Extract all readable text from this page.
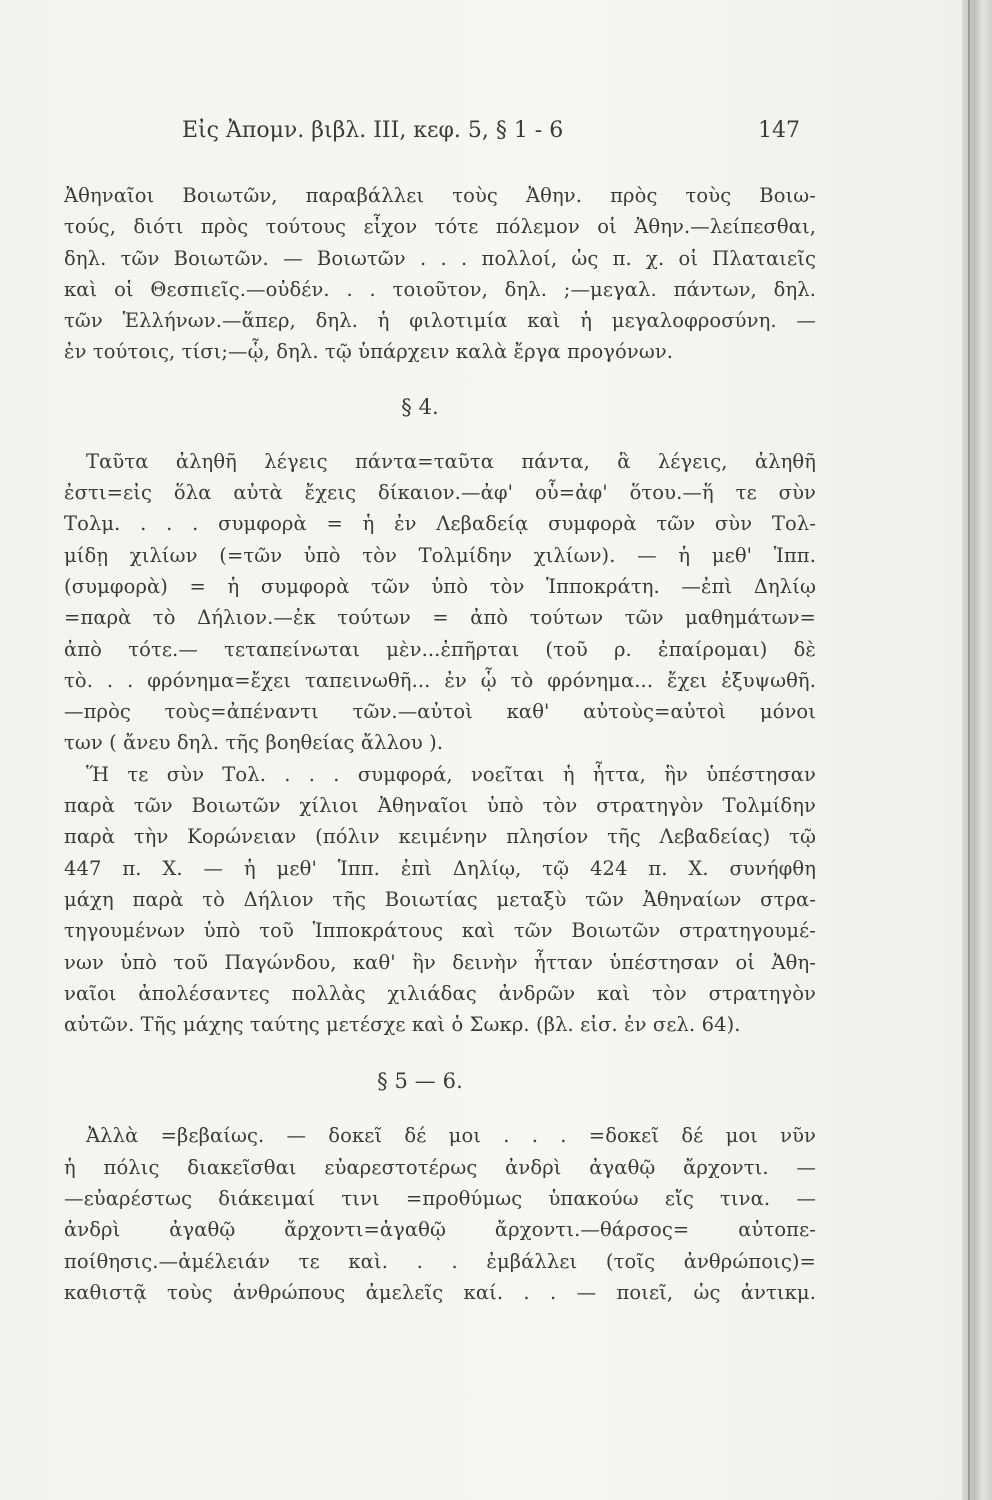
Εἰς Ἀπομν. βιβλ. III, κεφ. 5, § 1 - 6	147
Ἀθηναῖοι Βοιωτῶν, παραβάλλει τοὺς Ἀθην. πρὸς τοὺς Βοιω-
τούς, διότι πρὸς τούτους εἶχον τότε πόλεμον οἱ Ἀθην.—λείπεσθαι,
δηλ. τῶν Βοιωτῶν. — Βοιωτῶν . . . πολλοί, ὡς π. χ. οἱ Πλαταιεῖς
καὶ οἱ Θεσπιεῖς.—οὐδέν. . . τοιοῦτον, δηλ. ;—μεγαλ. πάντων, δηλ.
τῶν Ἑλλήνων.—ἅπερ, δηλ. ἡ φιλοτιμία καὶ ἡ μεγαλοφροσύνη. —
ἐν τούτοις, τίσι;—ᾧ, δηλ. τῷ ὑπάρχειν καλὰ ἔργα προγόνων.
§ 4.
Ταῦτα ἀληθῆ λέγεις πάντα=ταῦτα πάντα, ἃ λέγεις, ἀληθῆ
ἐστι=εἰς ὅλα αὐτὰ ἔχεις δίκαιον.—ἀφ' οὗ=ἀφ' ὅτου.—ἥ τε σὺν
Τολμ. . . . συμφορὰ = ἡ ἐν Λεβαδείᾳ συμφορὰ τῶν σὺν Τολ-
μίδῃ χιλίων (=τῶν ὑπὸ τὸν Τολμίδην χιλίων). — ἡ μεθ' Ἱππ.
(συμφορὰ) = ἡ συμφορὰ τῶν ὑπὸ τὸν Ἱπποκράτη. —ἐπὶ Δηλίῳ
=παρὰ τὸ Δήλιον.—ἐκ τούτων = ἀπὸ τούτων τῶν μαθημάτων=
ἀπὸ τότε.— τεταπείνωται μὲν...ἐπῆρται (τοῦ ρ. ἐπαίρομαι) δὲ
τὸ. . . φρόνημα=ἔχει ταπεινωθῆ... ἐν ᾧ τὸ φρόνημα... ἔχει ἐξυψωθῆ.
—πρὸς τοὺς=ἀπέναντι τῶν.—αὐτοὶ καθ' αὐτοὺς=αὐτοὶ μόνοι
των ( ἄνευ δηλ. τῆς βοηθείας ἄλλου ).
Ἥ τε σὺν Τολ. . . . συμφορά, νοεῖται ἡ ἧττα, ἣν ὑπέστησαν
παρὰ τῶν Βοιωτῶν χίλιοι Ἀθηναῖοι ὑπὸ τὸν στρατηγὸν Τολμίδην
παρὰ τὴν Κορώνειαν (πόλιν κειμένην πλησίον τῆς Λεβαδείας) τῷ
447 π. Χ. — ἡ μεθ' Ἱππ. ἐπὶ Δηλίῳ, τῷ 424 π. Χ. συνήφθη
μάχη παρὰ τὸ Δήλιον τῆς Βοιωτίας μεταξὺ τῶν Ἀθηναίων στρα-
τηγουμένων ὑπὸ τοῦ Ἱπποκράτους καὶ τῶν Βοιωτῶν στρατηγουμέ-
νων ὑπὸ τοῦ Παγώνδου, καθ' ἣν δεινὴν ἧτταν ὑπέστησαν οἱ Ἀθη-
ναῖοι ἀπολέσαντες πολλὰς χιλιάδας ἀνδρῶν καὶ τὸν στρατηγὸν
αὐτῶν. Τῆς μάχης ταύτης μετέσχε καὶ ὁ Σωκρ. (βλ. εἰσ. ἐν σελ. 64).
§ 5 — 6.
Ἀλλὰ =βεβαίως. — δοκεῖ δέ μοι . . . =δοκεῖ δέ μοι νῦν
ἡ πόλις διακεῖσθαι εὐαρεστοτέρως ἀνδρὶ ἀγαθῷ ἄρχοντι. —
—εὐαρέστως διάκειμαί τινι =προθύμως ὑπακούω εἴς τινα. —
ἀνδρὶ ἀγαθῷ ἄρχοντι=ἀγαθῷ ἄρχοντι.—θάρσος= αὐτοπε-
ποίθησις.—ἀμέλειάν τε καὶ. . . ἐμβάλλει (τοῖς ἀνθρώποις)=
καθιστᾷ τοὺς ἀνθρώπους ἀμελεῖς καί. . . — ποιεῖ, ὡς ἀντικμ.
